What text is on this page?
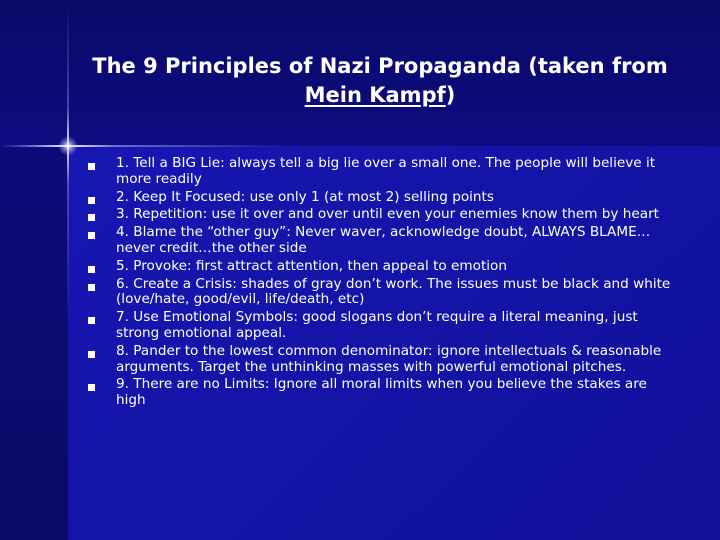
The 9 Principles of Nazi Propaganda (taken from Mein Kampf)
1. Tell a BIG Lie: always tell a big lie over a small one. The people will believe it more readily
2. Keep It Focused: use only 1 (at most 2) selling points
3. Repetition: use it over and over until even your enemies know them by heart
4. Blame the “other guy”: Never waver, acknowledge doubt, ALWAYS BLAME…never credit…the other side
5. Provoke: first attract attention, then appeal to emotion
6. Create a Crisis: shades of gray don’t work. The issues must be black and white (love/hate, good/evil, life/death, etc)
7. Use Emotional Symbols: good slogans don’t require a literal meaning, just strong emotional appeal.
8. Pander to the lowest common denominator: ignore intellectuals & reasonable arguments. Target the unthinking masses with powerful emotional pitches.
9. There are no Limits: Ignore all moral limits when you believe the stakes are high
